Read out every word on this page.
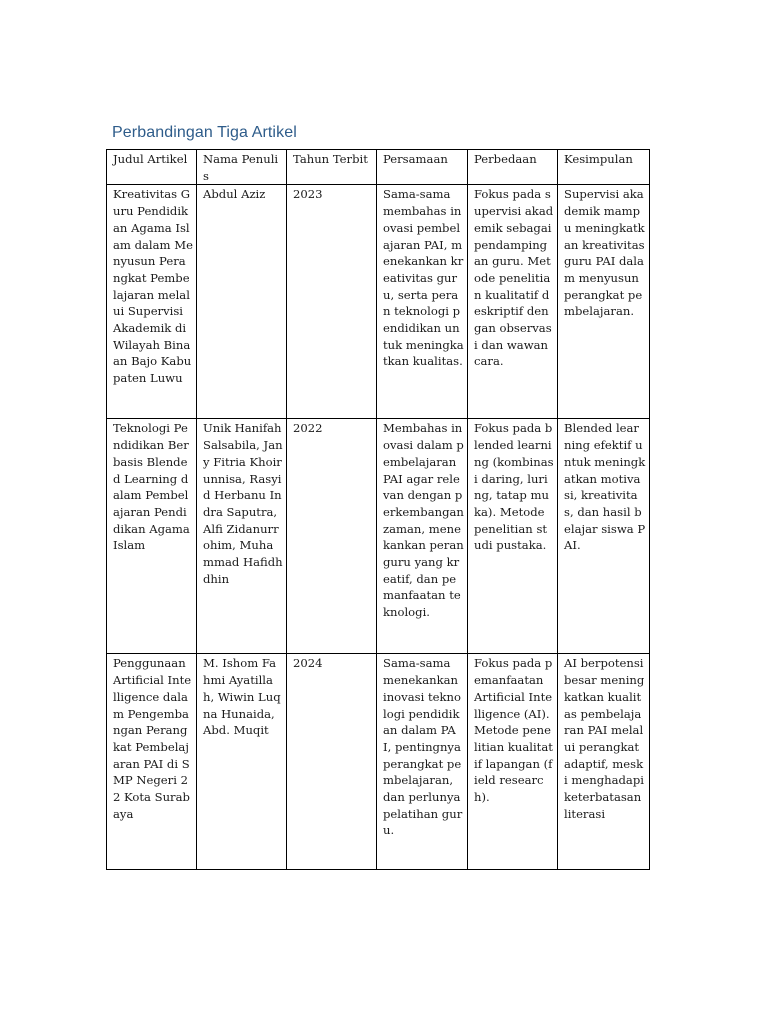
Perbandingan Tiga Artikel
Judul Artikel	Nama Penulis	Tahun Terbit	Persamaan	Perbedaan	Kesimpulan
Kreativitas Guru Pendidikan Agama Islam dalam Menyusun Perangkat Pembelajaran melalui Supervisi Akademik di Wilayah Binaan Bajo Kabupaten Luwu	Abdul Aziz	2023	Sama-sama membahas inovasi pembelajaran PAI, menekankan kreativitas guru, serta peran teknologi pendidikan untuk meningkatkan kualitas.	Fokus pada supervisi akademik sebagai pendamping an guru. Metode penelitian kualitatif deskriptif dengan observasi dan wawancara.	Supervisi akademik mampu meningkatkan kreativitas guru PAI dalam menyusun perangkat pembelajaran.
Teknologi Pendidikan Berbasis Blended Learning dalam Pembelajaran Pendidikan Agama Islam	Unik Hanifah Salsabila, Jany Fitria Khoirunnisa, Rasyid Herbanu Indra Saputra, Alfi Zidanurrohim, Muhammad Hafidhdhin	2022	Membahas inovasi dalam pembelajaran PAI agar relevan dengan perkembangan zaman, menekankan peran guru yang kreatif, dan pemanfaatan teknologi.	Fokus pada blended learning (kombinasi daring, luring, tatap muka). Metode penelitian studi pustaka.	Blended learning efektif untuk meningkatkan motivasi, kreativitas, dan hasil belajar siswa PAI.
Penggunaan Artificial Intelligence dalam Pengembangan Perangkat Pembelajaran PAI di SMP Negeri 22 Kota Surabaya	M. Ishom Fahmi Ayatillah, Wiwin Luqna Hunaida, Abd. Muqit	2024	Sama-sama menekankan inovasi teknologi pendidikan dalam PAI, pentingnya perangkat pembelajaran, dan perlunya pelatihan guru.	Fokus pada pemanfaatan Artificial Intelligence (AI). Metode penelitian kualitatif lapangan (field research).	AI berpotensi besar meningkatkan kualitas pembelajaran PAI melalui perangkat adaptif, meski menghadapi keterbatasan literasi
